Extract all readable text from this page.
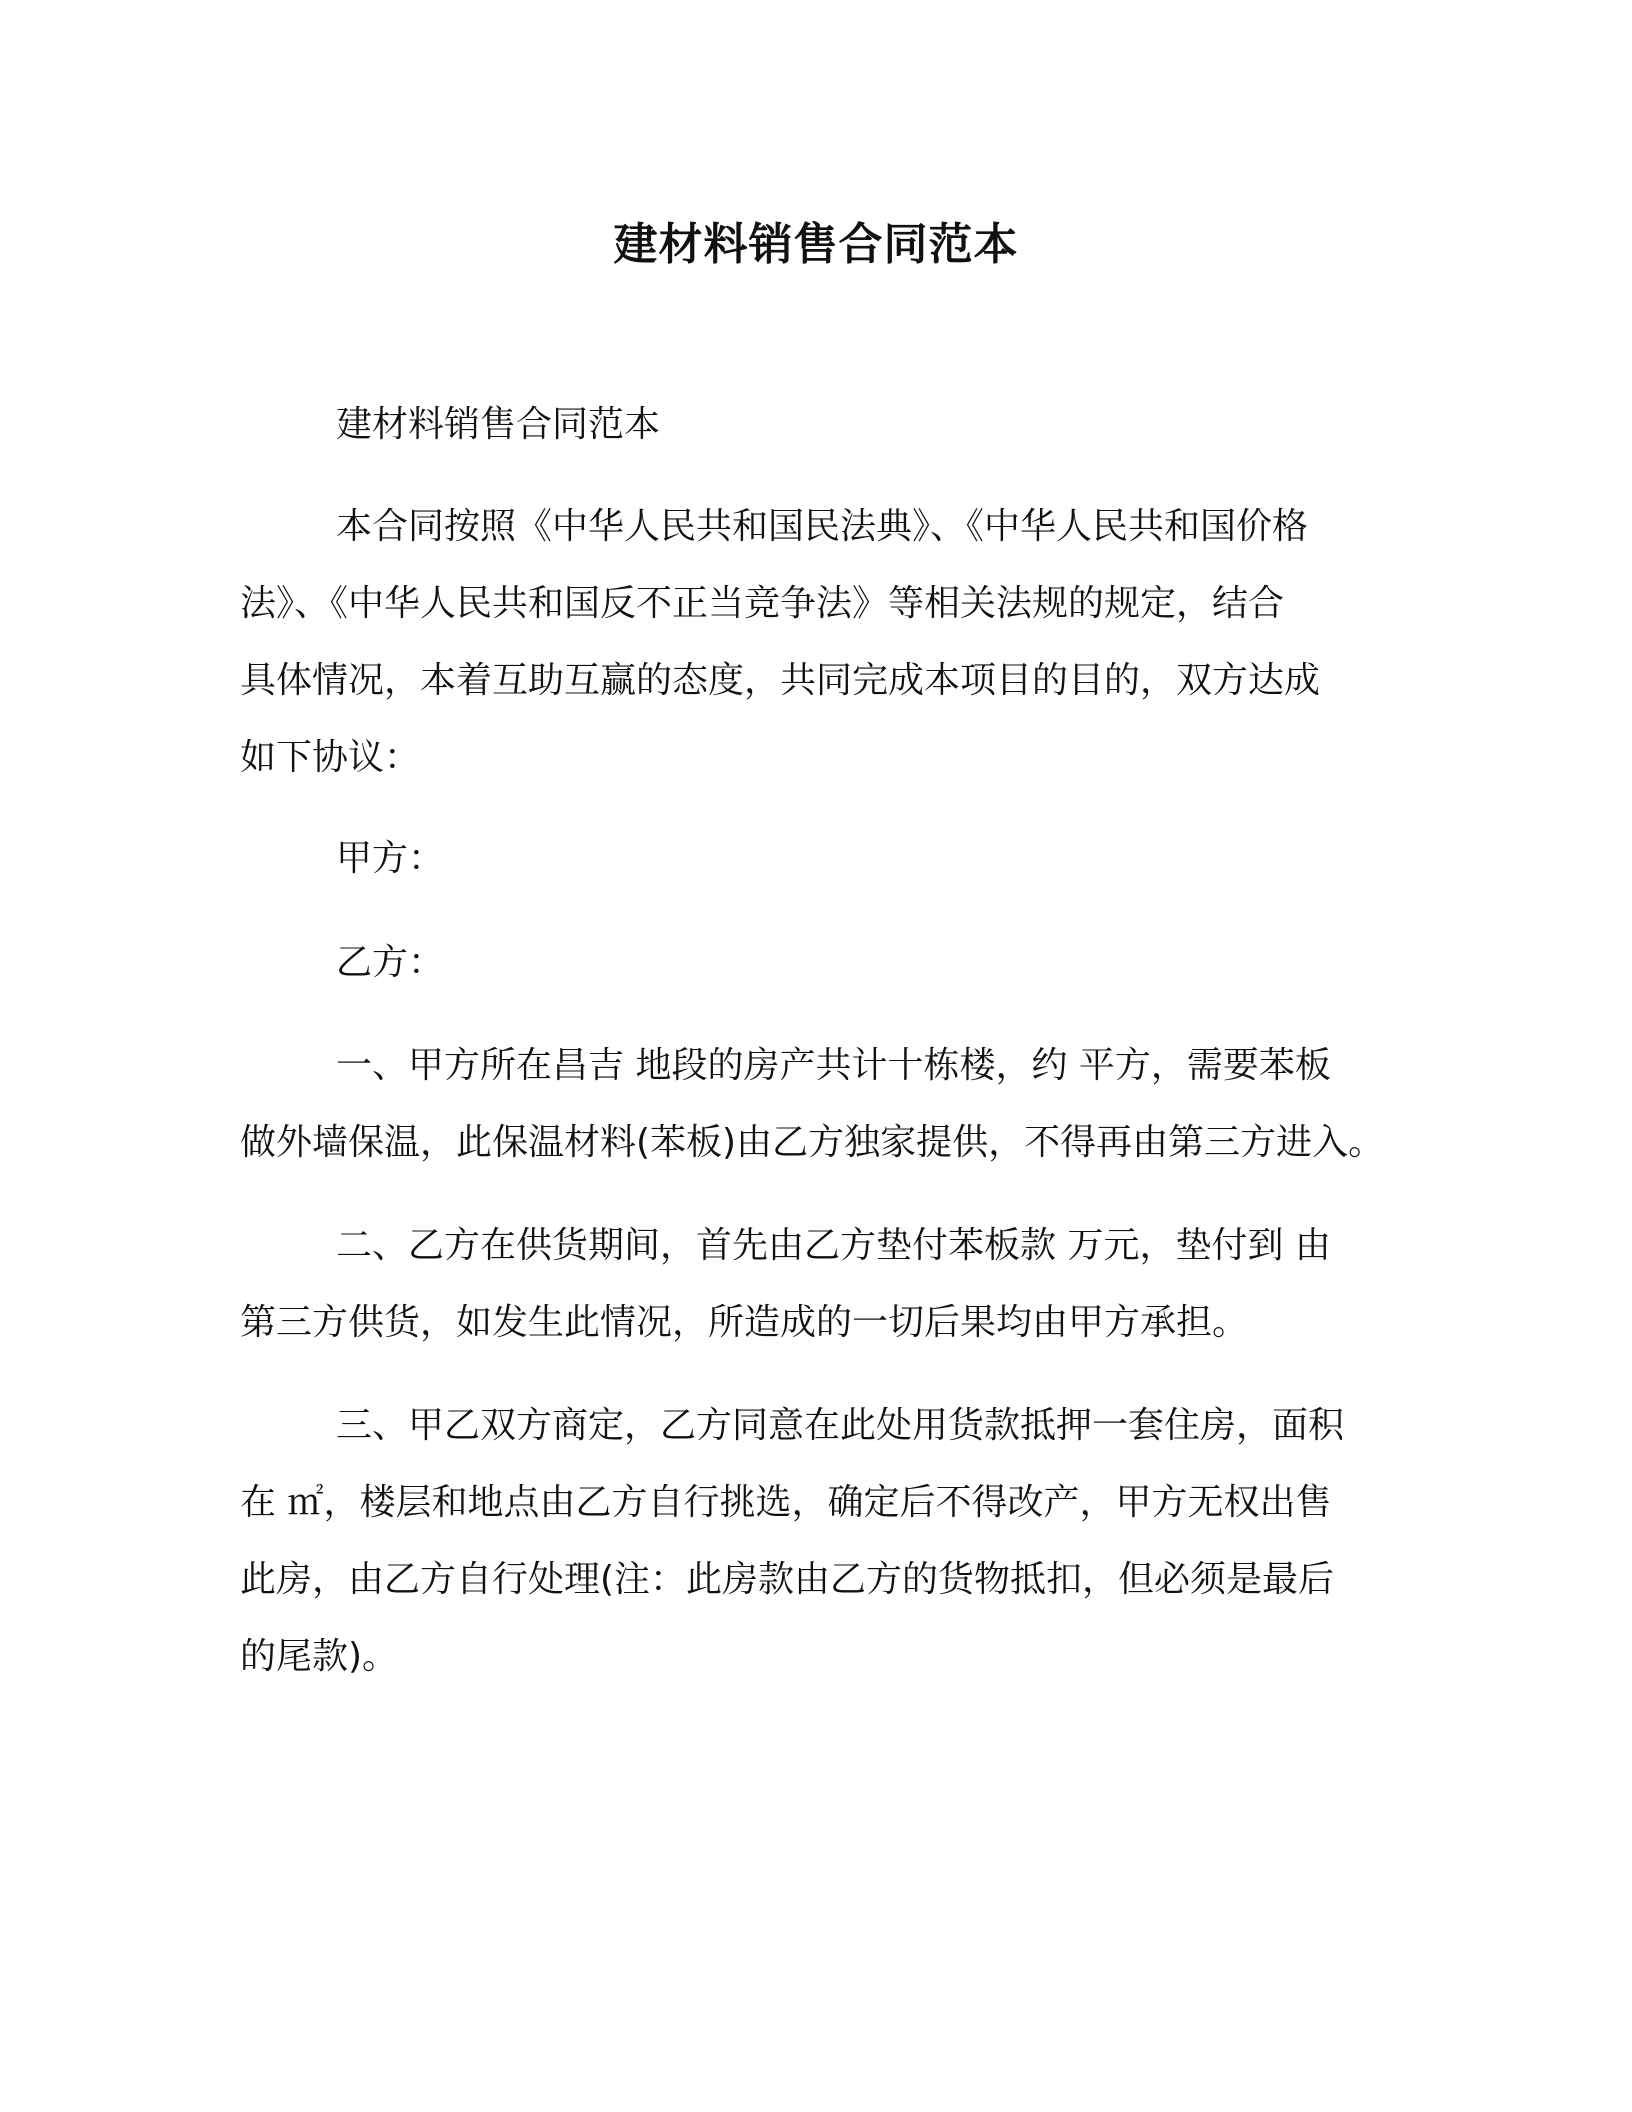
建材料销售合同范本

建材料销售合同范本

本合同按照《中华人民共和国民法典》、《中华人民共和国价格
法》、《中华人民共和国反不正当竞争法》等相关法规的规定，结合
具体情况，本着互助互赢的态度，共同完成本项目的目的，双方达成
如下协议：

甲方：

乙方：

一、甲方所在昌吉 地段的房产共计十栋楼，约 平方，需要苯板
做外墙保温，此保温材料(苯板)由乙方独家提供，不得再由第三方进入。

二、乙方在供货期间，首先由乙方垫付苯板款 万元，垫付到 由
第三方供货，如发生此情况，所造成的一切后果均由甲方承担。

三、甲乙双方商定，乙方同意在此处用货款抵押一套住房，面积
在 ㎡，楼层和地点由乙方自行挑选，确定后不得改产，甲方无权出售
此房，由乙方自行处理(注：此房款由乙方的货物抵扣，但必须是最后
的尾款)。
